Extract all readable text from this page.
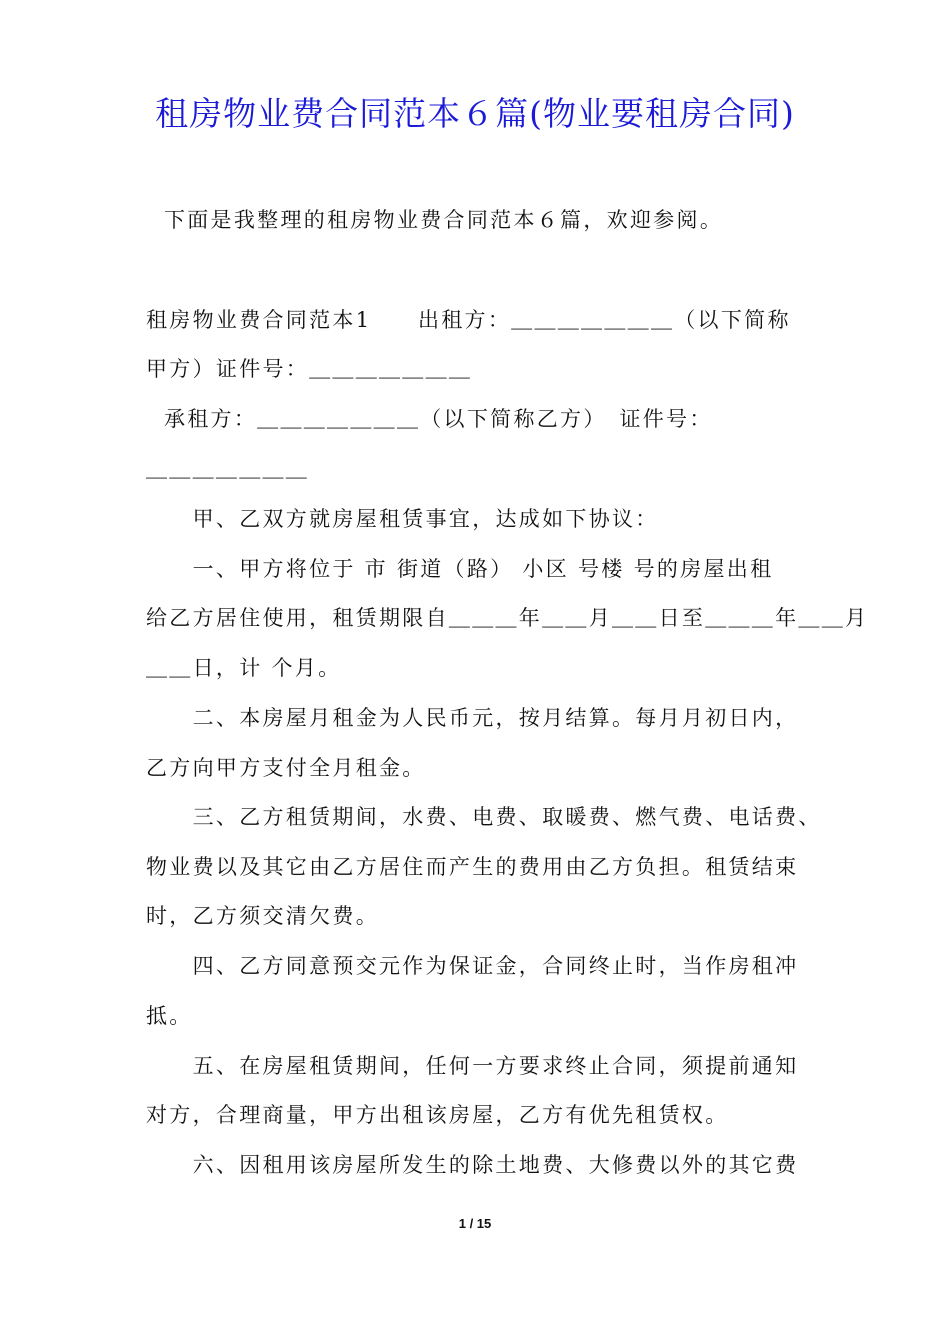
租房物业费合同范本６篇(物业要租房合同)
下面是我整理的租房物业费合同范本６篇，欢迎参阅。
租房物业费合同范本1　　出租方：＿＿＿＿＿＿＿（以下简称
甲方）证件号：＿＿＿＿＿＿＿
承租方：＿＿＿＿＿＿＿（以下简称乙方）　证件号：
＿＿＿＿＿＿＿
　　甲、乙双方就房屋租赁事宜，达成如下协议：
　　一、甲方将位于 市 街道（路） 小区 号楼 号的房屋出租
给乙方居住使用，租赁期限自＿＿＿年＿＿月＿＿日至＿＿＿年＿＿月
＿＿日，计 个月。
　　二、本房屋月租金为人民币元，按月结算。每月月初日内，
乙方向甲方支付全月租金。
　　三、乙方租赁期间，水费、电费、取暖费、燃气费、电话费、
物业费以及其它由乙方居住而产生的费用由乙方负担。租赁结束
时，乙方须交清欠费。
　　四、乙方同意预交元作为保证金，合同终止时，当作房租冲
抵。
　　五、在房屋租赁期间，任何一方要求终止合同，须提前通知
对方，合理商量，甲方出租该房屋，乙方有优先租赁权。
　　六、因租用该房屋所发生的除土地费、大修费以外的其它费
1 / 15
